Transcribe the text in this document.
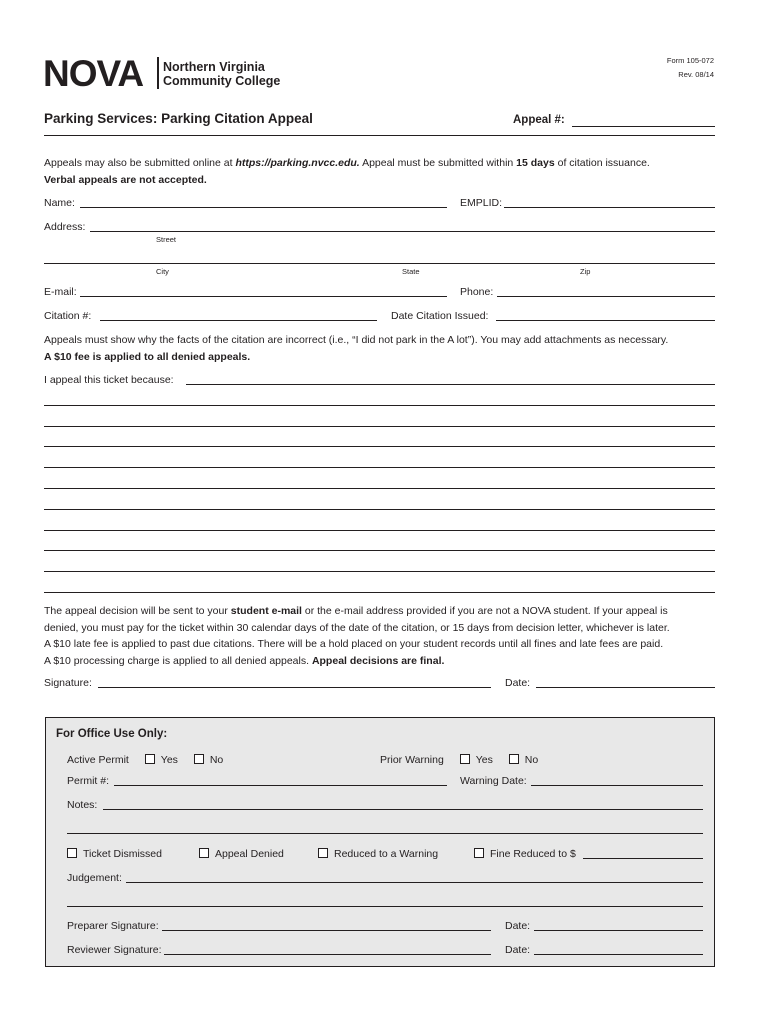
NOVA Northern Virginia
Community College
Form 105-072
Rev. 08/14
Parking Services: Parking Citation Appeal	Appeal #:
Appeals may also be submitted online at https://parking.nvcc.edu. Appeal must be submitted within 15 days of citation issuance.
Verbal appeals are not accepted.
Name:	EMPLID:
Address:
Street
City	State	Zip
E-mail:	Phone:
Citation #:	Date Citation Issued:
Appeals must show why the facts of the citation are incorrect (i.e., “I did not park in the A lot”). You may add attachments as necessary.
A $10 fee is applied to all denied appeals.
I appeal this ticket because:
The appeal decision will be sent to your student e-mail or the e-mail address provided if you are not a NOVA student. If your appeal is
denied, you must pay for the ticket within 30 calendar days of the date of the citation, or 15 days from decision letter, whichever is later.
A $10 late fee is applied to past due citations. There will be a hold placed on your student records until all fines and late fees are paid.
A $10 processing charge is applied to all denied appeals. Appeal decisions are final.
Signature:	Date:
For Office Use Only:
Active Permit	Yes	No	Prior Warning	Yes	No
Permit #:	Warning Date:
Notes:
Ticket Dismissed	Appeal Denied	Reduced to a Warning	Fine Reduced to $
Judgement:
Preparer Signature:	Date:
Reviewer Signature:	Date:
